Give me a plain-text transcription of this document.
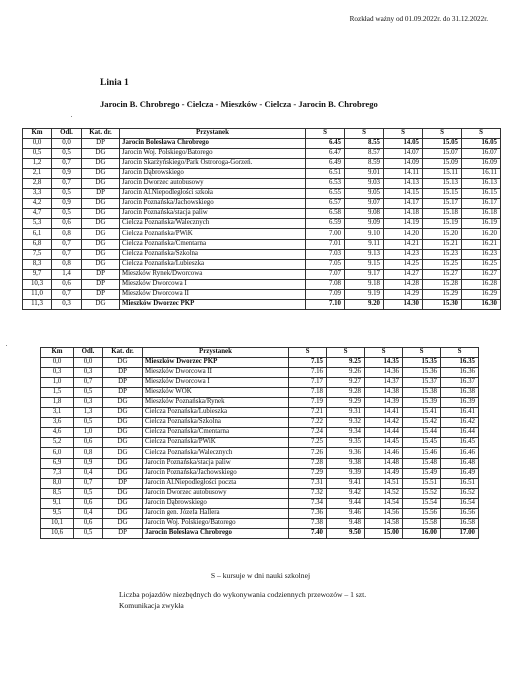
Rozkład ważny od 01.09.2022r. do 31.12.2022r.
Linia 1
Jarocin B. Chrobrego - Cielcza - Mieszków - Cielcza - Jarocin B. Chrobrego
Km	Odl.	Kat. dr.	Przystanek	S	S	S	S	S
0,0	0,0	DP	Jarocin Bolesława Chrobrego	6.45	8.55	14.05	15.05	16.05
0,5	0,5	DG	Jarocin Woj. Polskiego/Batorego	6.47	8.57	14.07	15.07	16.07
1,2	0,7	DG	Jarocin Skarżyńskiego/Park Ostroroga-Gorzeń.	6.49	8.59	14.09	15.09	16.09
2,1	0,9	DG	Jarocin Dąbrowskiego	6.51	9.01	14.11	15.11	16.11
2,8	0,7	DG	Jarocin Dworzec autobusowy	6.53	9.03	14.13	15.13	16.13
3,3	0,5	DP	Jarocin Al.Niepodległości szkoła	6.55	9.05	14.15	15.15	16.15
4,2	0,9	DG	Jarocin Poznańska/Jachowskiego	6.57	9.07	14.17	15.17	16.17
4,7	0,5	DG	Jarocin Poznańska/stacja paliw	6.58	9.08	14.18	15.18	16.18
5,3	0,6	DG	Cielcza Poznańska/Walecznych	6.59	9.09	14.19	15.19	16.19
6,1	0,8	DG	Cielcza Poznańska/PWiK	7.00	9.10	14.20	15.20	16.20
6,8	0,7	DG	Cielcza Poznańska/Cmentarna	7.01	9.11	14.21	15.21	16.21
7,5	0,7	DG	Cielcza Poznańska/Szkolna	7.03	9.13	14.23	15.23	16.23
8,3	0,8	DG	Cielcza Poznańska/Lubieszka	7.05	9.15	14.25	15.25	16.25
9,7	1,4	DP	Mieszków Rynek/Dworcowa	7.07	9.17	14.27	15.27	16.27
10,3	0,6	DP	Mieszków Dworcowa I	7.08	9.18	14.28	15.28	16.28
11,0	0,7	DP	Mieszków Dworcowa II	7.09	9.19	14.29	15.29	16.29
11,3	0,3	DG	Mieszków Dworzec PKP	7.10	9.20	14.30	15.30	16.30
Km	Odl.	Kat. dr.	Przystanek	S	S	S	S	S
0,0	0,0	DG	Mieszków Dworzec PKP	7.15	9.25	14.35	15.35	16.35
0,3	0,3	DP	Mieszków Dworcowa II	7.16	9.26	14.36	15.36	16.36
1,0	0,7	DP	Mieszków Dworcowa I	7.17	9.27	14.37	15.37	16.37
1,5	0,5	DP	Mieszków WOK	7.18	9.28	14.38	15.38	16.38
1,8	0,3	DG	Mieszków Poznańska/Rynek	7.19	9.29	14.39	15.39	16.39
3,1	1,3	DG	Cielcza Poznańska/Lubieszka	7.21	9.31	14.41	15.41	16.41
3,6	0,5	DG	Cielcza Poznańska/Szkolna	7.22	9.32	14.42	15.42	16.42
4,6	1,0	DG	Cielcza Poznańska/Cmentarna	7.24	9.34	14.44	15.44	16.44
5,2	0,6	DG	Cielcza Poznańska/PWiK	7.25	9.35	14.45	15.45	16.45
6,0	0,8	DG	Cielcza Poznańska/Walecznych	7.26	9.36	14.46	15.46	16.46
6,9	0,9	DG	Jarocin Poznańska/stacja paliw	7.28	9.38	14.48	15.48	16.48
7,3	0,4	DG	Jarocin Poznańska/Jachowskiego	7.29	9.39	14.49	15.49	16.49
8,0	0,7	DP	Jarocin Al.Niepodległości poczta	7.31	9.41	14.51	15.51	16.51
8,5	0,5	DG	Jarocin Dworzec autobusowy	7.32	9.42	14.52	15.52	16.52
9,1	0,6	DG	Jarocin Dąbrowskiego	7.34	9.44	14.54	15.54	16.54
9,5	0,4	DG	Jarocin gen. Józefa Hallera	7.36	9.46	14.56	15.56	16.56
10,1	0,6	DG	Jarocin Woj. Polskiego/Batorego	7.38	9.48	14.58	15.58	16.58
10,6	0,5	DP	Jarocin Bolesława Chrobrego	7.40	9.50	15.00	16.00	17.00
S – kursuje w dni nauki szkolnej
Liczba pojazdów niezbędnych do wykonywania codziennych przewozów – 1 szt.
Komunikacja zwykła
